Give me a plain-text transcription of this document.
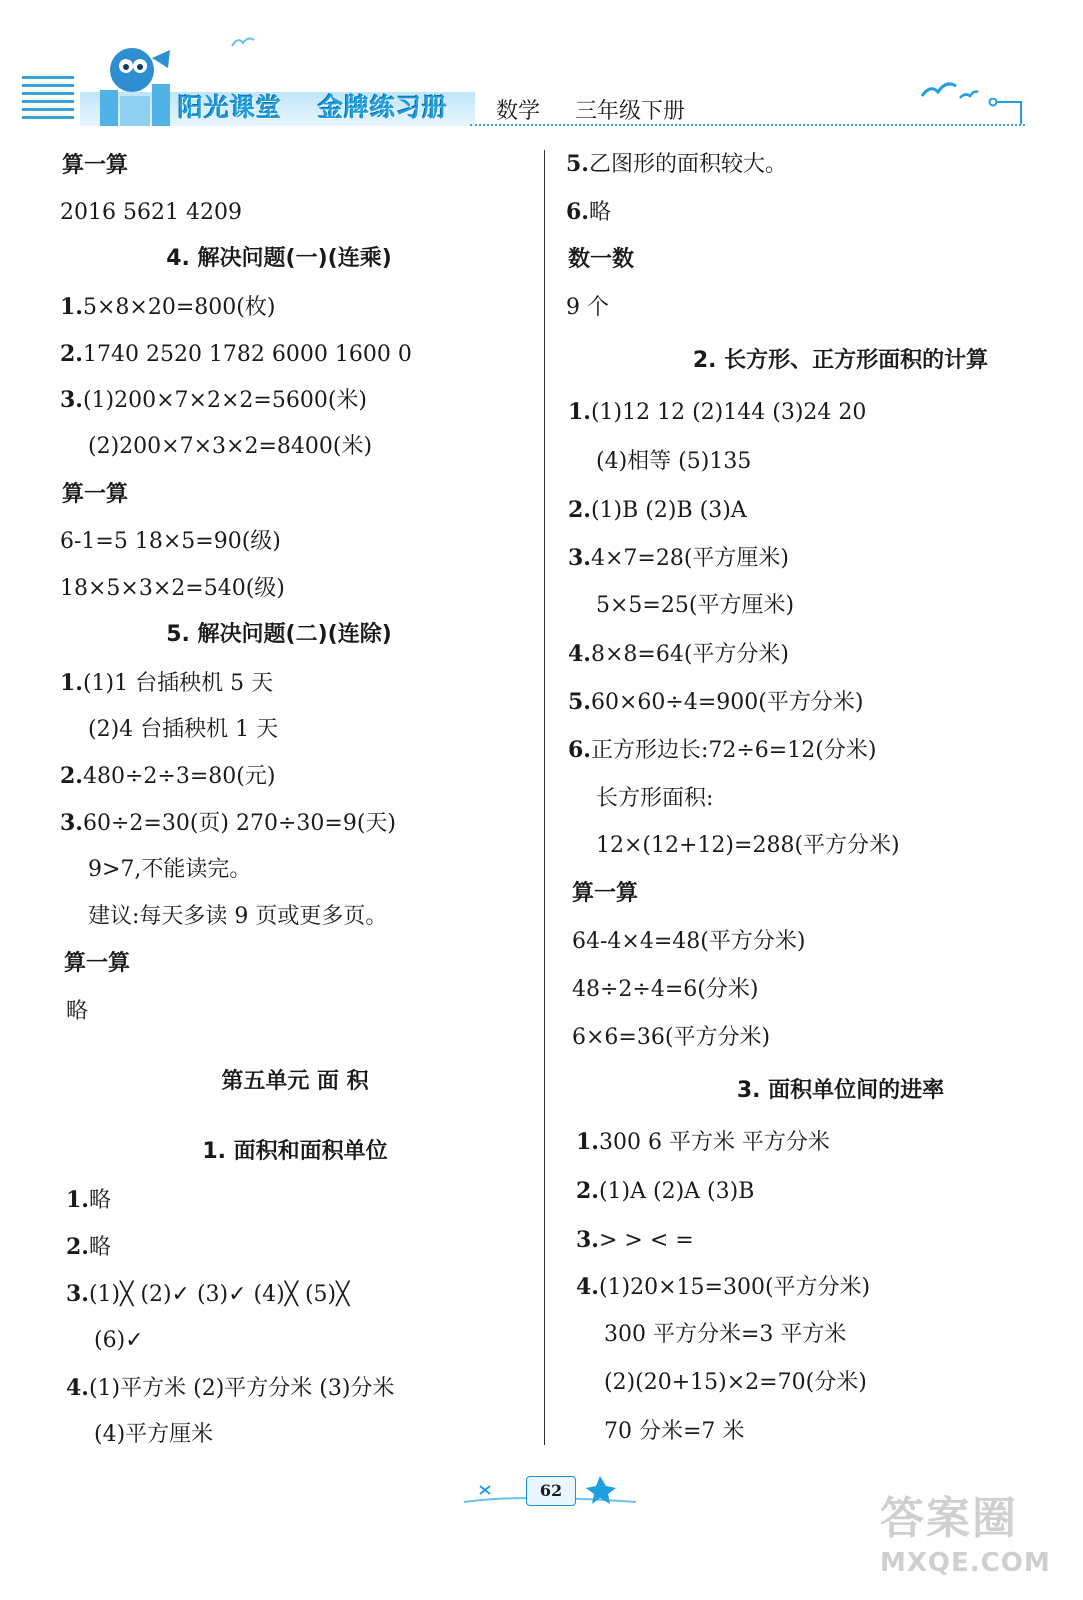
阳光课堂 金牌练习册 数学 三年级下册
算一算
2016 5621 4209
4. 解决问题(一)(连乘)
1.5×8×20=800(枚)
2.1740 2520 1782 6000 1600 0
3.(1)200×7×2×2=5600(米)
(2)200×7×3×2=8400(米)
算一算
6-1=5 18×5=90(级)
18×5×3×2=540(级)
5. 解决问题(二)(连除)
1.(1)1 台插秧机 5 天
(2)4 台插秧机 1 天
2.480÷2÷3=80(元)
3.60÷2=30(页) 270÷30=9(天)
9>7,不能读完。
建议:每天多读 9 页或更多页。
算一算
略
第五单元 面 积
1. 面积和面积单位
1.略
2.略
3.(1)╳ (2)✓ (3)✓ (4)╳ (5)╳
(6)✓
4.(1)平方米 (2)平方分米 (3)分米
(4)平方厘米
5.乙图形的面积较大。
6.略
数一数
9 个
2. 长方形、正方形面积的计算
1.(1)12 12 (2)144 (3)24 20
(4)相等 (5)135
2.(1)B (2)B (3)A
3.4×7=28(平方厘米)
5×5=25(平方厘米)
4.8×8=64(平方分米)
5.60×60÷4=900(平方分米)
6.正方形边长:72÷6=12(分米)
长方形面积:
12×(12+12)=288(平方分米)
算一算
64-4×4=48(平方分米)
48÷2÷4=6(分米)
6×6=36(平方分米)
3. 面积单位间的进率
1.300 6 平方米 平方分米
2.(1)A (2)A (3)B
3.> > < =
4.(1)20×15=300(平方分米)
300 平方分米=3 平方米
(2)(20+15)×2=70(分米)
70 分米=7 米
62
答案圈
MXQE.COM
